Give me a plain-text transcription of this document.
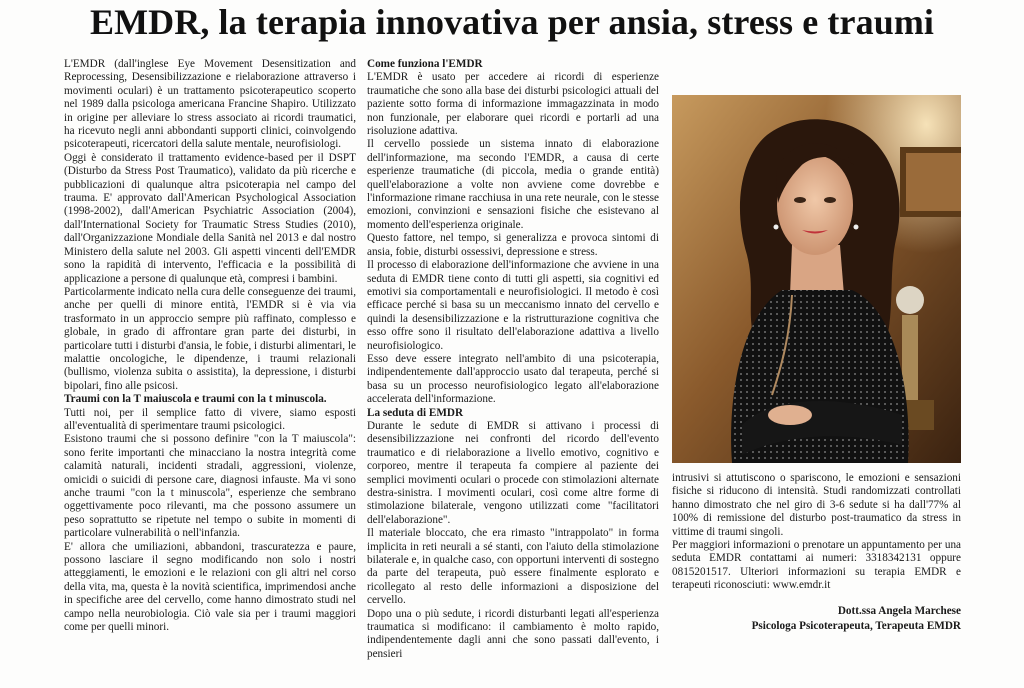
EMDR, la terapia innovativa per ansia, stress e traumi

L'EMDR (dall'inglese Eye Movement Desensitization and Reprocessing, Desensibilizzazione e rielaborazione attraverso i movimenti oculari) è un trattamento psicoterapeutico scoperto nel 1989 dalla psicologa americana Francine Shapiro. Utilizzato in origine per alleviare lo stress associato ai ricordi traumatici, ha ricevuto negli anni abbondanti supporti clinici, coinvolgendo psicoterapeuti, ricercatori della salute mentale, neurofisiologi.

Oggi è considerato il trattamento evidence-based per il DSPT (Disturbo da Stress Post Traumatico), validato da più ricerche e pubblicazioni di qualunque altra psicoterapia nel campo del trauma. E' approvato dall'American Psychological Association (1998-2002), dall'American Psychiatric Association (2004), dall'International Society for Traumatic Stress Studies (2010), dall'Organizzazione Mondiale della Sanità nel 2013 e dal nostro Ministero della salute nel 2003. Gli aspetti vincenti dell'EMDR sono la rapidità di intervento, l'efficacia e la possibilità di applicazione a persone di qualunque età, compresi i bambini.

Particolarmente indicato nella cura delle conseguenze dei traumi, anche per quelli di minore entità, l'EMDR si è via via trasformato in un approccio sempre più raffinato, complesso e globale, in grado di affrontare gran parte dei disturbi, in particolare tutti i disturbi d'ansia, le fobie, i disturbi alimentari, le malattie oncologiche, le dipendenze, i traumi relazionali (bullismo, violenza subita o assistita), la depressione, i disturbi bipolari, fino alle psicosi.

Traumi con la T maiuscola e traumi con la t minuscola.

Tutti noi, per il semplice fatto di vivere, siamo esposti all'eventualità di sperimentare traumi psicologici.

Esistono traumi che si possono definire "con la T maiuscola": sono ferite importanti che minacciano la nostra integrità come calamità naturali, incidenti stradali, aggressioni, violenze, omicidi o suicidi di persone care, diagnosi infauste. Ma vi sono anche traumi "con la t minuscola", esperienze che sembrano oggettivamente poco rilevanti, ma che possono assumere un peso soprattutto se ripetute nel tempo o subite in momenti di particolare vulnerabilità o nell'infanzia.

E' allora che umiliazioni, abbandoni, trascuratezza e paure, possono lasciare il segno modificando non solo i nostri atteggiamenti, le emozioni e le relazioni con gli altri nel corso della vita, ma, questa è la novità scientifica, imprimendosi anche in specifiche aree del cervello, come hanno dimostrato studi nel campo nella neurobiologia. Ciò vale sia per i traumi maggiori come per quelli minori.

Come funziona l'EMDR

L'EMDR è usato per accedere ai ricordi di esperienze traumatiche che sono alla base dei disturbi psicologici attuali del paziente sotto forma di informazione immagazzinata in modo non funzionale, per elaborare quei ricordi e portarli ad una risoluzione adattiva.

Il cervello possiede un sistema innato di elaborazione dell'informazione, ma secondo l'EMDR, a causa di certe esperienze traumatiche (di piccola, media o grande entità) quell'elaborazione a volte non avviene come dovrebbe e l'informazione rimane racchiusa in una rete neurale, con le stesse emozioni, convinzioni e sensazioni fisiche che esistevano al momento dell'esperienza originale.

Questo fattore, nel tempo, si generalizza e provoca sintomi di ansia, fobie, disturbi ossessivi, depressione e stress.

Il processo di elaborazione dell'informazione che avviene in una seduta di EMDR tiene conto di tutti gli aspetti, sia cognitivi ed emotivi sia comportamentali e neurofisiologici. Il metodo è così efficace perché si basa su un meccanismo innato del cervello e quindi la desensibilizzazione e la ristrutturazione cognitiva che esso offre sono il risultato dell'elaborazione adattiva a livello neurofisiologico.

Esso deve essere integrato nell'ambito di una psicoterapia, indipendentemente dall'approccio usato dal terapeuta, perché si basa su un processo neurofisiologico legato all'elaborazione accelerata dell'informazione.

La seduta di EMDR

Durante le sedute di EMDR si attivano i processi di desensibilizzazione nei confronti del ricordo dell'evento traumatico e di rielaborazione a livello emotivo, cognitivo e corporeo, mentre il terapeuta fa compiere al paziente dei semplici movimenti oculari o procede con stimolazioni alternate destra-sinistra. I movimenti oculari, così come altre forme di stimolazione bilaterale, vengono utilizzati come "facilitatori dell'elaborazione".

Il materiale bloccato, che era rimasto "intrappolato" in forma implicita in reti neurali a sé stanti, con l'aiuto della stimolazione bilaterale e, in qualche caso, con opportuni interventi di sostegno da parte del terapeuta, può essere finalmente esplorato e ricollegato al resto delle informazioni a disposizione del cervello.

Dopo una o più sedute, i ricordi disturbanti legati all'esperienza traumatica si modificano: il cambiamento è molto rapido, indipendentemente dagli anni che sono passati dall'evento, i pensieri

intrusivi si attutiscono o spariscono, le emozioni e sensazioni fisiche si riducono di intensità. Studi randomizzati controllati hanno dimostrato che nel giro di 3-6 sedute si ha dall'77% al 100% di remissione del disturbo post-traumatico da stress in vittime di traumi singoli.

Per maggiori informazioni o prenotare un appuntamento per una seduta EMDR contattami ai numeri: 3318342131 oppure 0815201517. Ulteriori informazioni su terapia EMDR e terapeuti riconosciuti: www.emdr.it

Dott.ssa Angela Marchese
Psicologa Psicoterapeuta, Terapeuta EMDR
